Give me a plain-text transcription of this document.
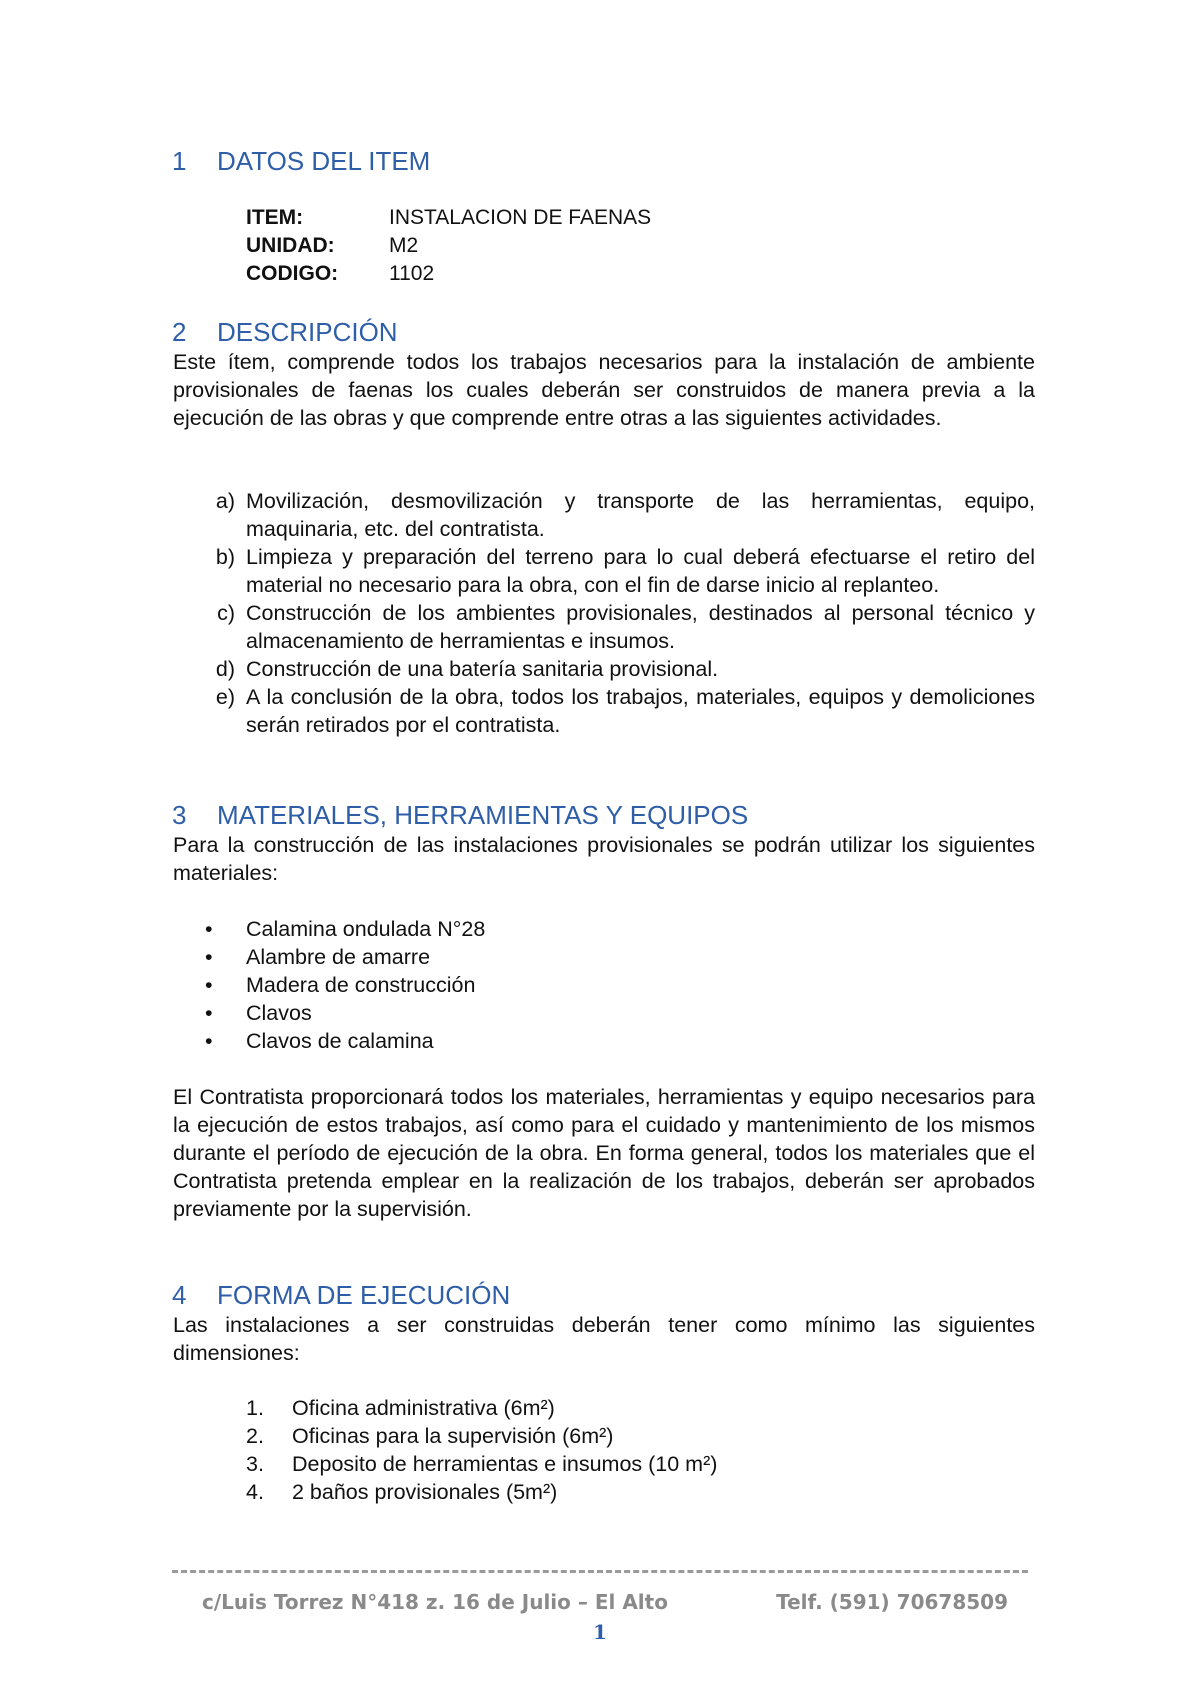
1 DATOS DEL ITEM
ITEM:	INSTALACION DE FAENAS
UNIDAD:	M2
CODIGO:	1102
2 DESCRIPCIÓN

Este ítem, comprende todos los trabajos necesarios para la instalación de ambiente provisionales de faenas los cuales deberán ser construidos de manera previa a la ejecución de las obras y que comprende entre otras a las siguientes actividades.

a) Movilización, desmovilización y transporte de las herramientas, equipo, maquinaria, etc. del contratista.
b) Limpieza y preparación del terreno para lo cual deberá efectuarse el retiro del material no necesario para la obra, con el fin de darse inicio al replanteo.
c) Construcción de los ambientes provisionales, destinados al personal técnico y almacenamiento de herramientas e insumos.
d) Construcción de una batería sanitaria provisional.
e) A la conclusión de la obra, todos los trabajos, materiales, equipos y demoliciones serán retirados por el contratista.
3 MATERIALES, HERRAMIENTAS Y EQUIPOS

Para la construcción de las instalaciones provisionales se podrán utilizar los siguientes materiales:

•	Calamina ondulada N°28
•	Alambre de amarre
•	Madera de construcción
•	Clavos
•	Clavos de calamina

El Contratista proporcionará todos los materiales, herramientas y equipo necesarios para la ejecución de estos trabajos, así como para el cuidado y mantenimiento de los mismos durante el período de ejecución de la obra. En forma general, todos los materiales que el Contratista pretenda emplear en la realización de los trabajos, deberán ser aprobados previamente por la supervisión.

4 FORMA DE EJECUCIÓN

Las instalaciones a ser construidas deberán tener como mínimo las siguientes dimensiones:

1.	Oficina administrativa (6m²)
2.	Oficinas para la supervisión (6m²)
3.	Deposito de herramientas e insumos (10 m²)
4.	2 baños provisionales (5m²)
c/Luis Torrez N°418 z. 16 de Julio – El Alto	Telf. (591) 70678509
1
